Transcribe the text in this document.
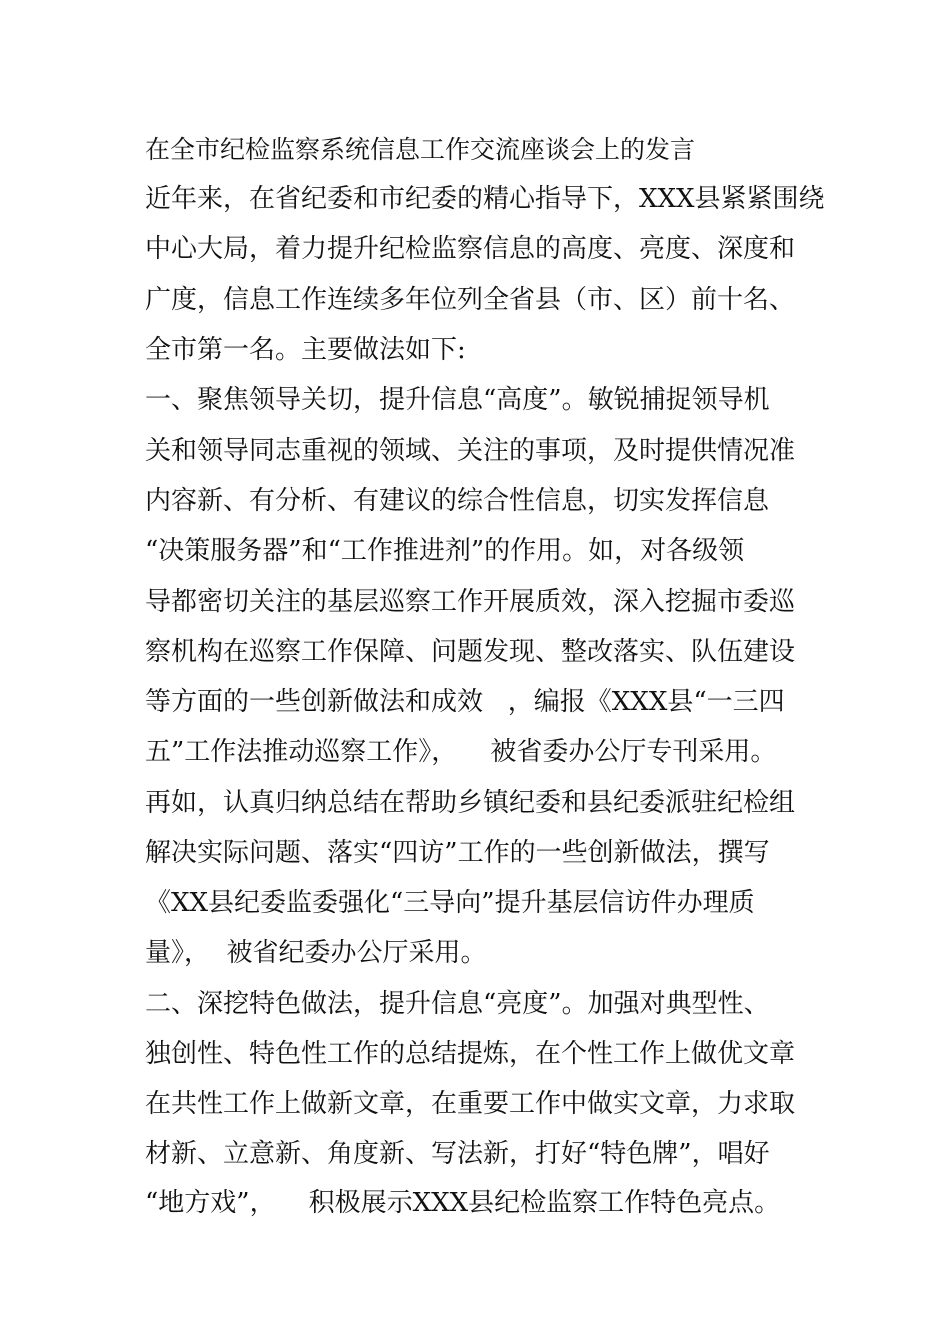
在全市纪检监察系统信息工作交流座谈会上的发言

近年来，在省纪委和市纪委的精心指导下，XXX县紧紧围绕

中心大局，着力提升纪检监察信息的高度、亮度、深度和

广度，信息工作连续多年位列全省县（市、区）前十名、

全市第一名。主要做法如下:

一、聚焦领导关切，提升信息“高度”。敏锐捕捉领导机

关和领导同志重视的领域、关注的事项，及时提供情况准

内容新、有分析、有建议的综合性信息，切实发挥信息

“决策服务器”和“工作推进剂”的作用。如，对各级领

导都密切关注的基层巡察工作开展质效，深入挖掘市委巡

察机构在巡察工作保障、问题发现、整改落实、队伍建设

等方面的一些创新做法和成效   ，编报《XXX县“一三四

五”工作法推动巡察工作》，    被省委办公厅专刊采用。

再如，认真归纳总结在帮助乡镇纪委和县纪委派驻纪检组

解决实际问题、落实“四访”工作的一些创新做法，撰写

《XX县纪委监委强化“三导向”提升基层信访件办理质

量》，  被省纪委办公厅采用。

二、深挖特色做法，提升信息“亮度”。加强对典型性、

独创性、特色性工作的总结提炼，在个性工作上做优文章

在共性工作上做新文章，在重要工作中做实文章，力求取

材新、立意新、角度新、写法新，打好“特色牌”，唱好

“地方戏”，    积极展示XXX县纪检监察工作特色亮点。
